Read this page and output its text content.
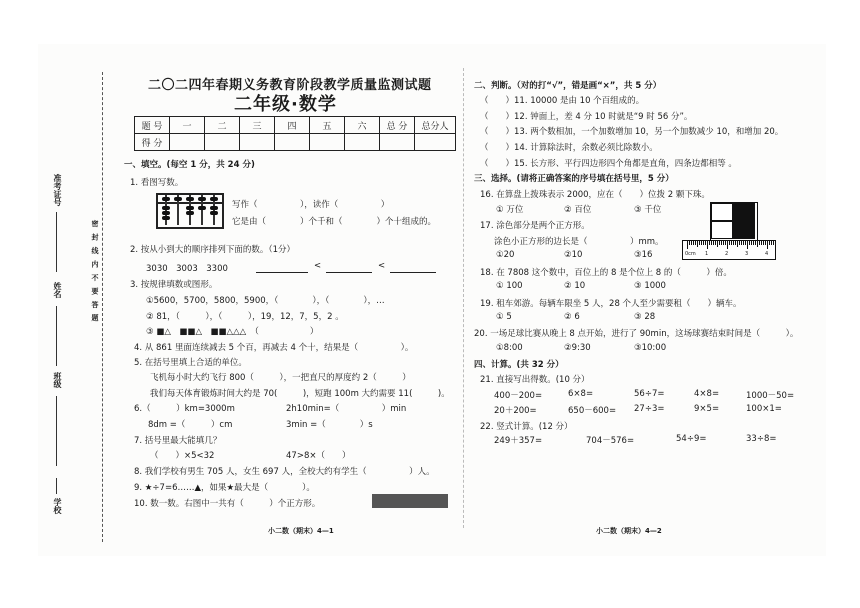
准考证号
姓名
班级
学校
密 封 线 内 不 要 答 题
二〇二四年春期义务教育阶段教学质量监测试题
二年级·数学
题 号	一	二	三	四	五	六	总 分	总分人
得 分								
一、填空。(每空 1 分，共 24 分)
1. 看图写数。
写作（　　　　　），读作（　　　　　）
它是由（　　　　）个千和（　　　　）个十组成的。
2. 按从小到大的顺序排列下面的数。（1分）
3030　3003　3300	<	<
3. 按规律填数或图形。
①5600，5700，5800，5900，（　　　　），（　　　　），…
② 81，（　　　），（　　　），19，12，7，5，2 。
③ ■△　■■△　■■△△△　（　　　　　　）
4. 从 861 里面连续减去 5 个百，再减去 4 个十，结果是（　　　　　）。
5. 在括号里填上合适的单位。
飞机每小时大约飞行 800（　　　），一把直尺的厚度约 2（　　　）
我们每天体育锻炼时间大约是 70(　　　)，短跑 100m 大约需要 11(　　　)。
6.（　　　）km=3000m	2h10min=（　　　　　）min
8dm =（　　　）cm	3min =（　　　　）s
7. 括号里最大能填几？
（　　）×5<32	47>8×（　　）
8. 我们学校有男生 705 人，女生 697 人，全校大约有学生（　　　　　）人。
9. ★÷7=6……▲，如果★最大是（　　　　）。
10. 数一数。右图中一共有（　　　）个正方形。
小二数（期末）4—1
二、判断。（对的打“√”，错是画“×”，共 5 分）
（　　）11. 10000 是由 10 个百组成的。
（　　）12. 钟面上，差 4 分 10 时就是“9 时 56 分”。
（　　）13. 两个数相加，一个加数增加 10，另一个加数减少 10，和增加 20。
（　　）14. 计算除法时，余数必须比除数小。
（　　）15. 长方形、平行四边形四个角都是直角，四条边都相等 。
三、选择。(请将正确答案的序号填在括号里，5 分）
16. 在算盘上拨珠表示 2000，应在（　　）位拨 2 颗下珠。
① 万位	② 百位	③ 千位
0cm 1	2	3	4
17. 涂色部分是两个正方形。
涂色小正方形的边长是（　　　　　）mm。
①20	②10	③16
18. 在 7808 这个数中，百位上的 8 是个位上 8 的（　　　）倍。
① 100	② 10	③ 1000
19. 租车郊游。每辆车限坐 5 人，28 个人至少需要租（　　）辆车。
① 5	② 6	③ 28
20. 一场足球比赛从晚上 8 点开始，进行了 90min，这场球赛结束时间是（　　　）。
①8:00	②9:30	③10:00
四、计算。(共 32 分）
21. 直接写出得数。(10 分）
400－200=	6×8=	56÷7=	4×8=	1000－50=
20＋200=	650－600= 27÷3=	9×5=	100×1=
22. 竖式计算。(12 分）
249＋357=	704－576=	54÷9=	33÷8=
小二数（期末）4—2
